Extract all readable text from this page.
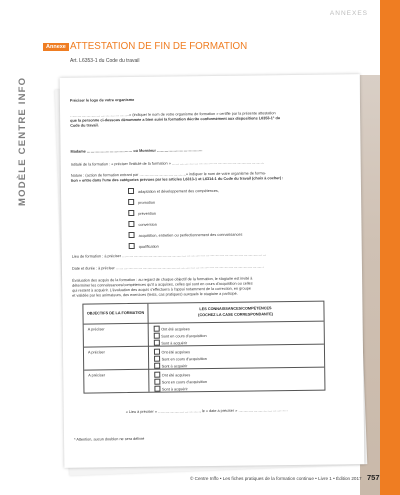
ANNEXES
MODÈLE CENTRE INFO
Annexe ATTESTATION DE FIN DE FORMATION
Art. L6353-1 du Code du travail
Préciser le logo de votre organisme
………………………………………..» (indiquer le nom de votre organisme de formation » certifie par la présente attestation
que la personne ci-dessous dénommée a bien suivi la formation décrite conformément aux dispositions L6353-1° du
Code du travail.
Madame ……………………………… ou Monsieur ………………………………
Intitulé de la formation : « préciser l'intitulé de la formation » ……………………………………………………………….
Nature : (action de formation entrant par ……………………………….» indiquer le nom de votre organisme de forma-
tion » entre dans l'une des catégories prévues par les articles L6313-1 et L6314-1 du Code du travail (choix à cocher) :
adaptation et développement des compétences,
promotion
prévention
conversion
acquisition, entretien ou perfectionnement des connaissances
qualification
Lieu de formation : à préciser ……………………………………………………………………………………………………
Date et durée : à préciser ………………………………………………………………………………………………………
Évaluation des acquis de la formation : au regard de chaque objectif de la formation, le stagiaire est invité à
déterminer les connaissances/compétences qu'il a acquises, celles qui sont en cours d'acquisition ou celles
qui restent à acquérir. L'évaluation des acquis s'effectuera à l'appui notamment de la correction, en groupe
et validée par les animateurs, des exercices (tests, cas pratiques) auxquels le stagiaire a participé.
OBJECTIFS DE LA FORMATION
LES CONNAISSANCES/COMPÉTENCES
(COCHEZ LA CASE CORRESPONDANTE)
A préciser	Ont été acquises
Sont en cours d'acquisition
Sont à acquérir
A préciser	Ont été acquises
Sont en cours d'acquisition
Sont à acquérir
A préciser	Ont été acquises
Sont en cours d'acquisition
Sont à acquérir
« Lieu à préciser » ……………………………, le » date à préciser » …………………………………
* Attention, aucun doublon ne sera délivré
© Centre Inffo • Les fiches pratiques de la formation continue • Livre 1 • Édition 2017 757
